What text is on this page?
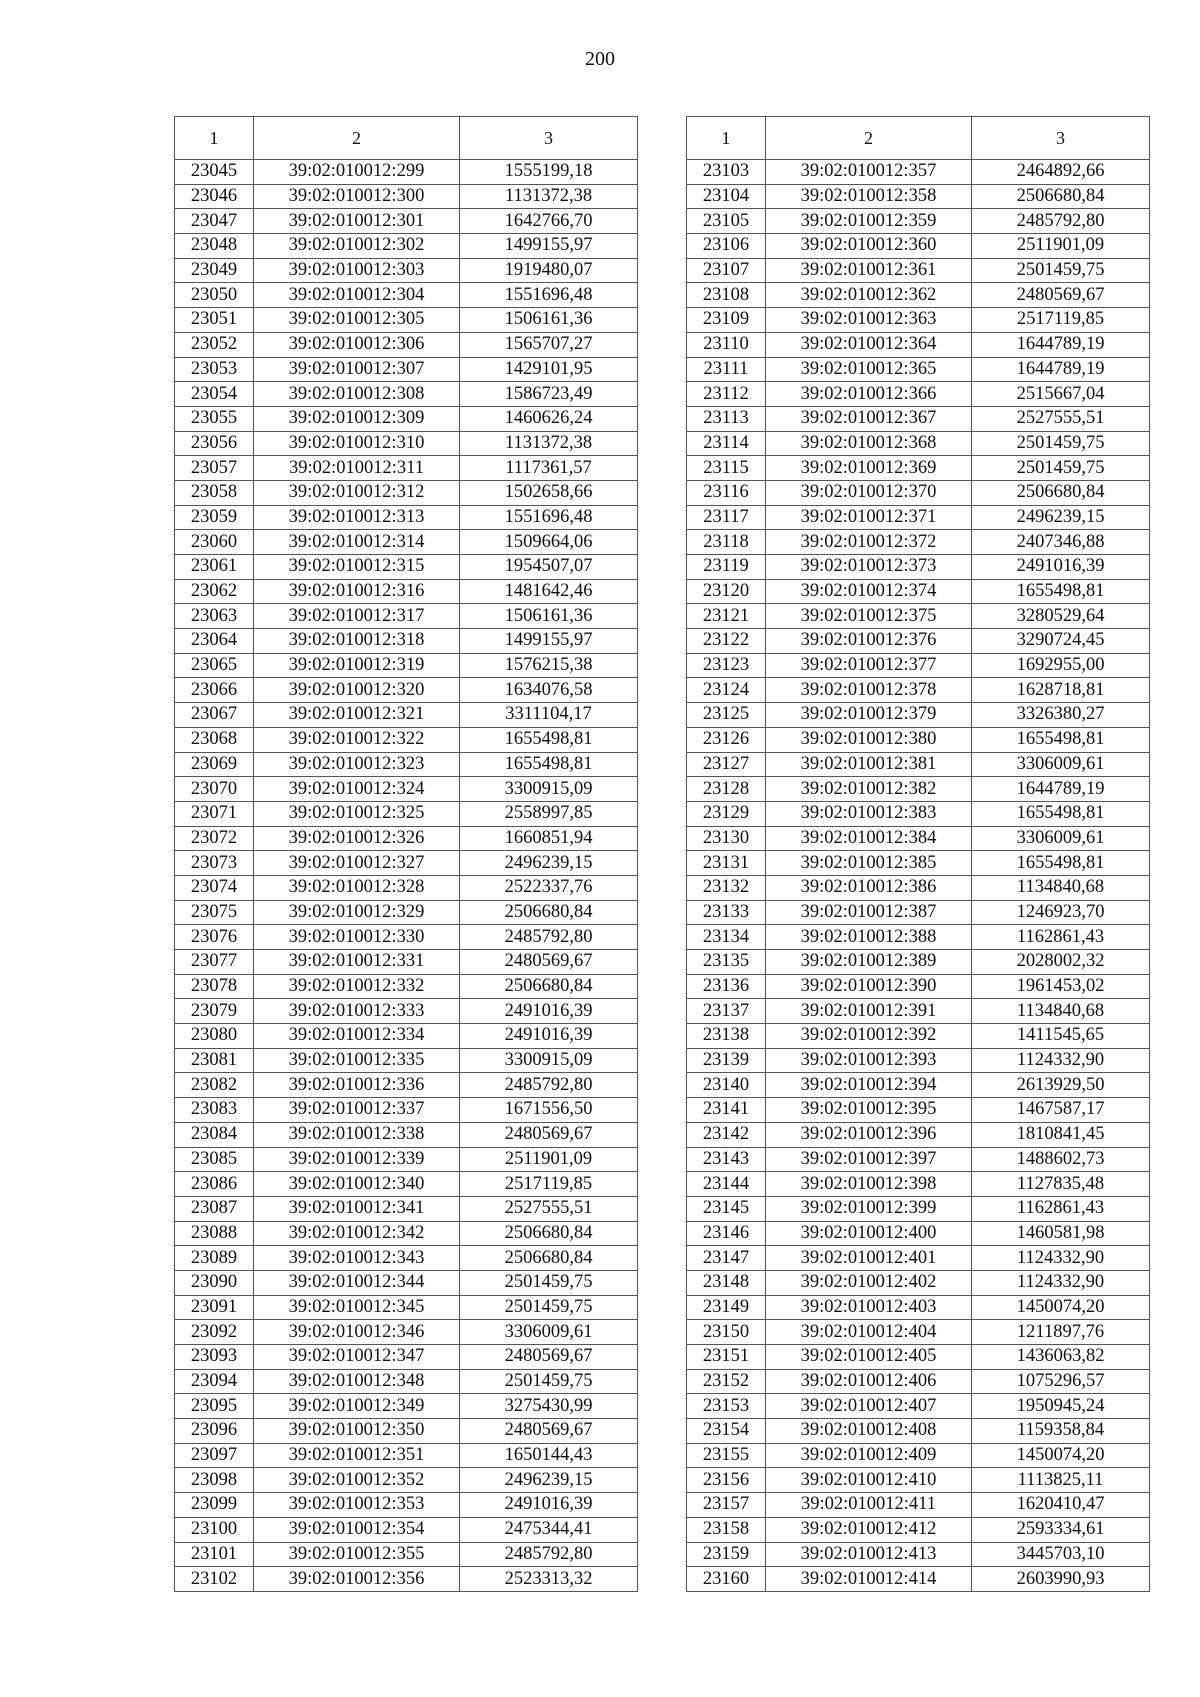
200
1	2	3
23045	39:02:010012:299	1555199,18
23046	39:02:010012:300	1131372,38
23047	39:02:010012:301	1642766,70
23048	39:02:010012:302	1499155,97
23049	39:02:010012:303	1919480,07
23050	39:02:010012:304	1551696,48
23051	39:02:010012:305	1506161,36
23052	39:02:010012:306	1565707,27
23053	39:02:010012:307	1429101,95
23054	39:02:010012:308	1586723,49
23055	39:02:010012:309	1460626,24
23056	39:02:010012:310	1131372,38
23057	39:02:010012:311	1117361,57
23058	39:02:010012:312	1502658,66
23059	39:02:010012:313	1551696,48
23060	39:02:010012:314	1509664,06
23061	39:02:010012:315	1954507,07
23062	39:02:010012:316	1481642,46
23063	39:02:010012:317	1506161,36
23064	39:02:010012:318	1499155,97
23065	39:02:010012:319	1576215,38
23066	39:02:010012:320	1634076,58
23067	39:02:010012:321	3311104,17
23068	39:02:010012:322	1655498,81
23069	39:02:010012:323	1655498,81
23070	39:02:010012:324	3300915,09
23071	39:02:010012:325	2558997,85
23072	39:02:010012:326	1660851,94
23073	39:02:010012:327	2496239,15
23074	39:02:010012:328	2522337,76
23075	39:02:010012:329	2506680,84
23076	39:02:010012:330	2485792,80
23077	39:02:010012:331	2480569,67
23078	39:02:010012:332	2506680,84
23079	39:02:010012:333	2491016,39
23080	39:02:010012:334	2491016,39
23081	39:02:010012:335	3300915,09
23082	39:02:010012:336	2485792,80
23083	39:02:010012:337	1671556,50
23084	39:02:010012:338	2480569,67
23085	39:02:010012:339	2511901,09
23086	39:02:010012:340	2517119,85
23087	39:02:010012:341	2527555,51
23088	39:02:010012:342	2506680,84
23089	39:02:010012:343	2506680,84
23090	39:02:010012:344	2501459,75
23091	39:02:010012:345	2501459,75
23092	39:02:010012:346	3306009,61
23093	39:02:010012:347	2480569,67
23094	39:02:010012:348	2501459,75
23095	39:02:010012:349	3275430,99
23096	39:02:010012:350	2480569,67
23097	39:02:010012:351	1650144,43
23098	39:02:010012:352	2496239,15
23099	39:02:010012:353	2491016,39
23100	39:02:010012:354	2475344,41
23101	39:02:010012:355	2485792,80
23102	39:02:010012:356	2523313,32
1	2	3
23103	39:02:010012:357	2464892,66
23104	39:02:010012:358	2506680,84
23105	39:02:010012:359	2485792,80
23106	39:02:010012:360	2511901,09
23107	39:02:010012:361	2501459,75
23108	39:02:010012:362	2480569,67
23109	39:02:010012:363	2517119,85
23110	39:02:010012:364	1644789,19
23111	39:02:010012:365	1644789,19
23112	39:02:010012:366	2515667,04
23113	39:02:010012:367	2527555,51
23114	39:02:010012:368	2501459,75
23115	39:02:010012:369	2501459,75
23116	39:02:010012:370	2506680,84
23117	39:02:010012:371	2496239,15
23118	39:02:010012:372	2407346,88
23119	39:02:010012:373	2491016,39
23120	39:02:010012:374	1655498,81
23121	39:02:010012:375	3280529,64
23122	39:02:010012:376	3290724,45
23123	39:02:010012:377	1692955,00
23124	39:02:010012:378	1628718,81
23125	39:02:010012:379	3326380,27
23126	39:02:010012:380	1655498,81
23127	39:02:010012:381	3306009,61
23128	39:02:010012:382	1644789,19
23129	39:02:010012:383	1655498,81
23130	39:02:010012:384	3306009,61
23131	39:02:010012:385	1655498,81
23132	39:02:010012:386	1134840,68
23133	39:02:010012:387	1246923,70
23134	39:02:010012:388	1162861,43
23135	39:02:010012:389	2028002,32
23136	39:02:010012:390	1961453,02
23137	39:02:010012:391	1134840,68
23138	39:02:010012:392	1411545,65
23139	39:02:010012:393	1124332,90
23140	39:02:010012:394	2613929,50
23141	39:02:010012:395	1467587,17
23142	39:02:010012:396	1810841,45
23143	39:02:010012:397	1488602,73
23144	39:02:010012:398	1127835,48
23145	39:02:010012:399	1162861,43
23146	39:02:010012:400	1460581,98
23147	39:02:010012:401	1124332,90
23148	39:02:010012:402	1124332,90
23149	39:02:010012:403	1450074,20
23150	39:02:010012:404	1211897,76
23151	39:02:010012:405	1436063,82
23152	39:02:010012:406	1075296,57
23153	39:02:010012:407	1950945,24
23154	39:02:010012:408	1159358,84
23155	39:02:010012:409	1450074,20
23156	39:02:010012:410	1113825,11
23157	39:02:010012:411	1620410,47
23158	39:02:010012:412	2593334,61
23159	39:02:010012:413	3445703,10
23160	39:02:010012:414	2603990,93
